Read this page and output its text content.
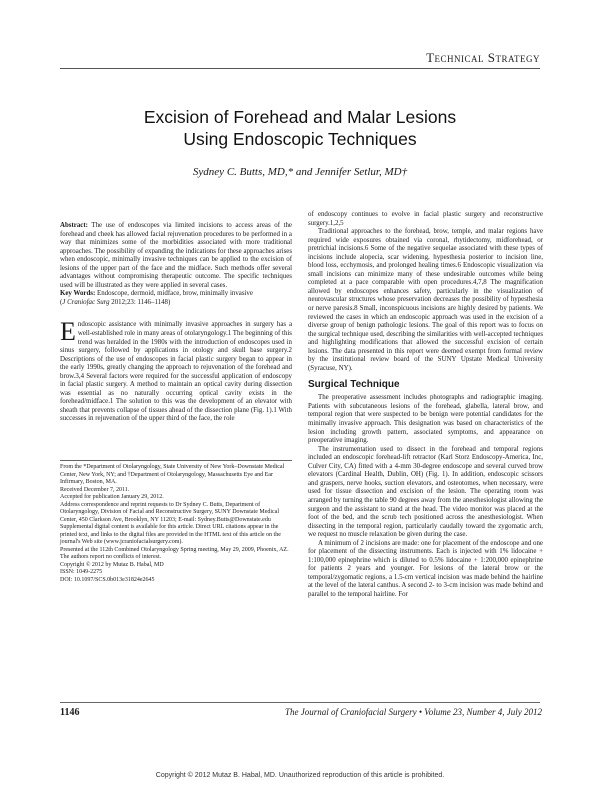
Technical Strategy
Excision of Forehead and Malar Lesions
Using Endoscopic Techniques
Sydney C. Butts, MD,* and Jennifer Setlur, MD†

Abstract: The use of endoscopes via limited incisions to access areas of the forehead and cheek has allowed facial rejuvenation procedures to be performed in a way that minimizes some of the morbidities associated with more traditional approaches. The possibility of expanding the indications for these approaches arises when endoscopic, minimally invasive techniques can be applied to the excision of lesions of the upper part of the face and the midface. Such methods offer several advantages without compromising therapeutic outcome. The specific techniques used will be illustrated as they were applied in several cases.

Key Words: Endoscope, dermoid, midface, brow, minimally invasive

(J Craniofac Surg 2012;23: 1146–1148)

Endoscopic assistance with minimally invasive approaches in surgery has a well-established role in many areas of otolaryngology.1 The beginning of this trend was heralded in the 1980s with the introduction of endoscopes used in sinus surgery, followed by applications in otology and skull base surgery.2 Descriptions of the use of endoscopes in facial plastic surgery began to appear in the early 1990s, greatly changing the approach to rejuvenation of the forehead and brow.3,4 Several factors were required for the successful application of endoscopy in facial plastic surgery. A method to maintain an optical cavity during dissection was essential as no naturally occurring optical cavity exists in the forehead/midface.1 The solution to this was the development of an elevator with sheath that prevents collapse of tissues ahead of the dissection plane (Fig. 1).1 With successes in rejuvenation of the upper third of the face, the role

From the *Department of Otolaryngology, State University of New York–Downstate Medical Center, New York, NY; and †Department of Otolaryngology, Massachusetts Eye and Ear Infirmary, Boston, MA.

Received December 7, 2011.

Accepted for publication January 29, 2012.

Address correspondence and reprint requests to Dr Sydney C. Butts, Department of Otolaryngology, Division of Facial and Reconstructive Surgery, SUNY Downstate Medical Center, 450 Clarkson Ave, Brooklyn, NY 11203; E-mail: Sydney.Butts@Downstate.edu

Supplemental digital content is available for this article. Direct URL citations appear in the printed text, and links to the digital files are provided in the HTML text of this article on the journal's Web site (www.jcraniofacialsurgery.com).

Presented at the 112th Combined Otolaryngology Spring meeting, May 29, 2009, Phoenix, AZ.

The authors report no conflicts of interest.

Copyright © 2012 by Mutaz B. Habal, MD

ISSN: 1049-2275

DOI: 10.1097/SCS.0b013e31824e2645

of endoscopy continues to evolve in facial plastic surgery and reconstructive surgery.1,2,5

Traditional approaches to the forehead, brow, temple, and malar regions have required wide exposures obtained via coronal, rhytidectomy, midforehead, or pretrichial incisions.6 Some of the negative sequelae associated with these types of incisions include alopecia, scar widening, hypesthesia posterior to incision line, blood loss, ecchymosis, and prolonged healing times.6 Endoscopic visualization via small incisions can minimize many of these undesirable outcomes while being completed at a pace comparable with open procedures.4,7,8 The magnification allowed by endoscopes enhances safety, particularly in the visualization of neurovascular structures whose preservation decreases the possibility of hypesthesia or nerve paresis.8 Small, inconspicuous incisions are highly desired by patients. We reviewed the cases in which an endoscopic approach was used in the excision of a diverse group of benign pathologic lesions. The goal of this report was to focus on the surgical technique used, describing the similarities with well-accepted techniques and highlighting modifications that allowed the successful excision of certain lesions. The data presented in this report were deemed exempt from formal review by the institutional review board of the SUNY Upstate Medical University (Syracuse, NY).

Surgical Technique

The preoperative assessment includes photographs and radiographic imaging. Patients with subcutaneous lesions of the forehead, glabella, lateral brow, and temporal region that were suspected to be benign were potential candidates for the minimally invasive approach. This designation was based on characteristics of the lesion including growth pattern, associated symptoms, and appearance on preoperative imaging.

The instrumentation used to dissect in the forehead and temporal regions included an endoscopic forehead-lift retractor (Karl Storz Endoscopy-America, Inc, Culver City, CA) fitted with a 4-mm 30-degree endoscope and several curved brow elevators (Cardinal Health, Dublin, OH) (Fig. 1). In addition, endoscopic scissors and graspers, nerve hooks, suction elevators, and osteotomes, when necessary, were used for tissue dissection and excision of the lesion. The operating room was arranged by turning the table 90 degrees away from the anesthesiologist allowing the surgeon and the assistant to stand at the head. The video monitor was placed at the foot of the bed, and the scrub tech positioned across the anesthesiologist. When dissecting in the temporal region, particularly caudally toward the zygomatic arch, we request no muscle relaxation be given during the case.

A minimum of 2 incisions are made: one for placement of the endoscope and one for placement of the dissecting instruments. Each is injected with 1% lidocaine + 1:100,000 epinephrine which is diluted to 0.5% lidocaine + 1:200,000 epinephrine for patients 2 years and younger. For lesions of the lateral brow or the temporal/zygomatic regions, a 1.5-cm vertical incision was made behind the hairline at the level of the lateral canthus. A second 2- to 3-cm incision was made behind and parallel to the temporal hairline. For

1146	The Journal of Craniofacial Surgery • Volume 23, Number 4, July 2012
Copyright © 2012 Mutaz B. Habal, MD. Unauthorized reproduction of this article is prohibited.
